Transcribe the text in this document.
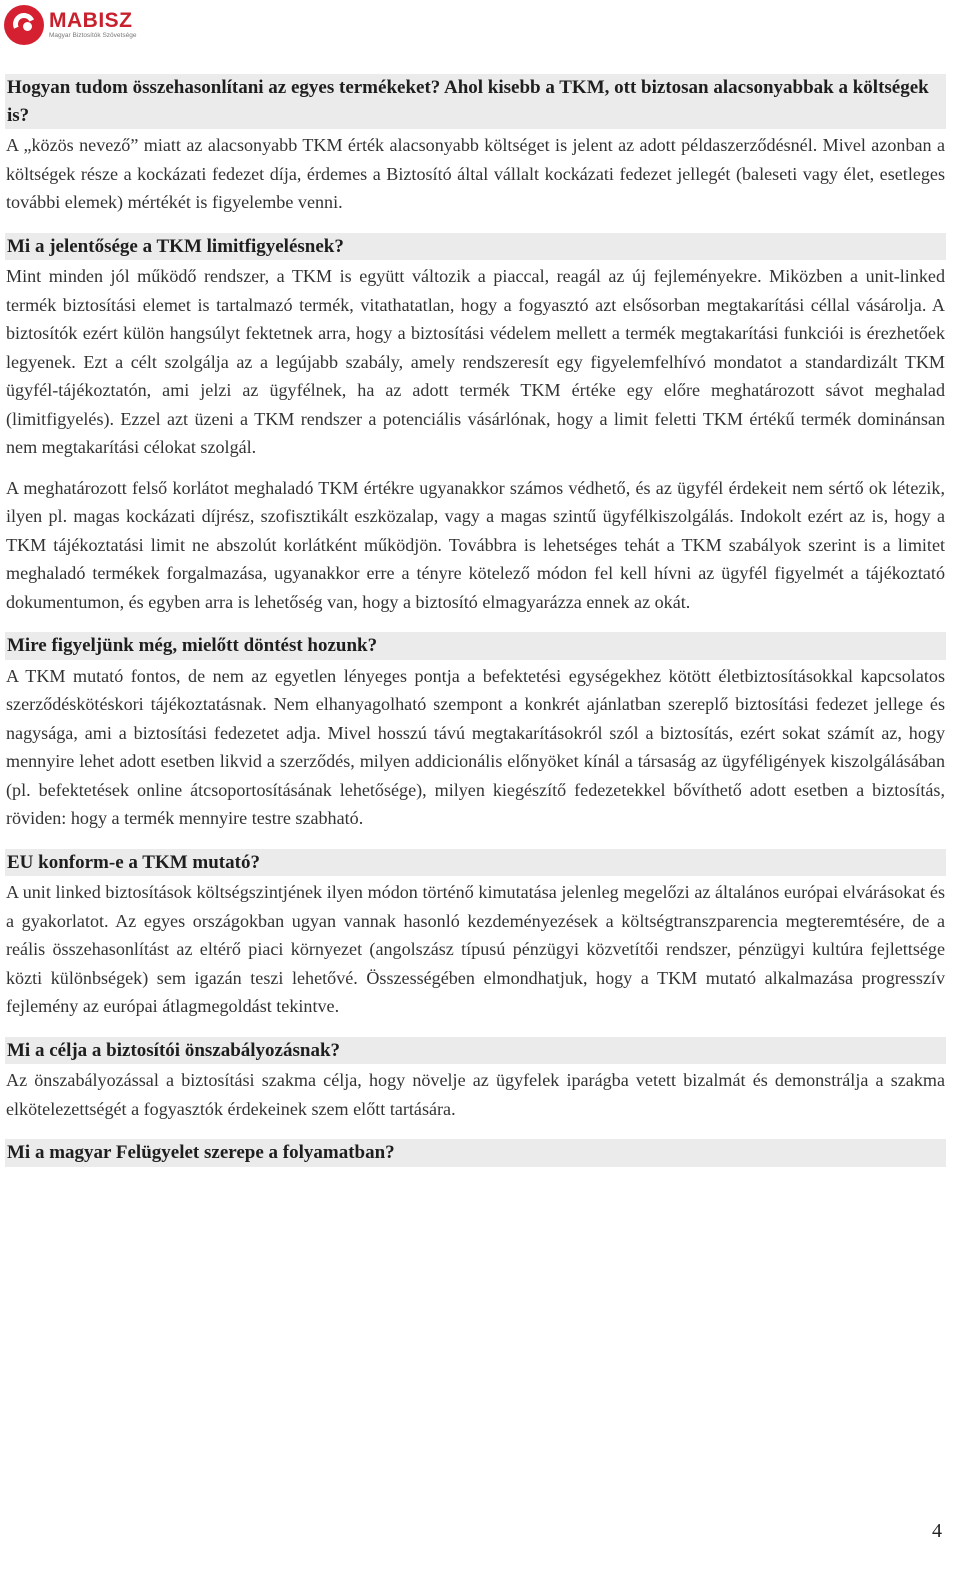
MABISZ
Magyar Biztosítók Szövetsége
Hogyan tudom összehasonlítani az egyes termékeket? Ahol kisebb a TKM, ott biztosan alacsonyabbak a költségek is?

A „közös nevező” miatt az alacsonyabb TKM érték alacsonyabb költséget is jelent az adott példaszerződésnél. Mivel azonban a költségek része a kockázati fedezet díja, érdemes a Biztosító által vállalt kockázati fedezet jellegét (baleseti vagy élet, esetleges további elemek) mértékét is figyelembe venni.

Mi a jelentősége a TKM limitfigyelésnek?

Mint minden jól működő rendszer, a TKM is együtt változik a piaccal, reagál az új fejleményekre. Miközben a unit-linked termék biztosítási elemet is tartalmazó termék, vitathatatlan, hogy a fogyasztó azt elsősorban megtakarítási céllal vásárolja. A biztosítók ezért külön hangsúlyt fektetnek arra, hogy a biztosítási védelem mellett a termék megtakarítási funkciói is érezhetőek legyenek. Ezt a célt szolgálja az a legújabb szabály, amely rendszeresít egy figyelemfelhívó mondatot a standardizált TKM ügyfél-tájékoztatón, ami jelzi az ügyfélnek, ha az adott termék TKM értéke egy előre meghatározott sávot meghalad (limitfigyelés). Ezzel azt üzeni a TKM rendszer a potenciális vásárlónak, hogy a limit feletti TKM értékű termék dominánsan nem megtakarítási célokat szolgál.

A meghatározott felső korlátot meghaladó TKM értékre ugyanakkor számos védhető, és az ügyfél érdekeit nem sértő ok létezik, ilyen pl. magas kockázati díjrész, szofisztikált eszközalap, vagy a magas szintű ügyfélkiszolgálás. Indokolt ezért az is, hogy a TKM tájékoztatási limit ne abszolút korlátként működjön. Továbbra is lehetséges tehát a TKM szabályok szerint is a limitet meghaladó termékek forgalmazása, ugyanakkor erre a tényre kötelező módon fel kell hívni az ügyfél figyelmét a tájékoztató dokumentumon, és egyben arra is lehetőség van, hogy a biztosító elmagyarázza ennek az okát.

Mire figyeljünk még, mielőtt döntést hozunk?

A TKM mutató fontos, de nem az egyetlen lényeges pontja a befektetési egységekhez kötött életbiztosításokkal kapcsolatos szerződéskötéskori tájékoztatásnak. Nem elhanyagolható szempont a konkrét ajánlatban szereplő biztosítási fedezet jellege és nagysága, ami a biztosítási fedezetet adja. Mivel hosszú távú megtakarításokról szól a biztosítás, ezért sokat számít az, hogy mennyire lehet adott esetben likvid a szerződés, milyen addicionális előnyöket kínál a társaság az ügyféligények kiszolgálásában (pl. befektetések online átcsoportosításának lehetősége), milyen kiegészítő fedezetekkel bővíthető adott esetben a biztosítás, röviden: hogy a termék mennyire testre szabható.

EU konform-e a TKM mutató?

A unit linked biztosítások költségszintjének ilyen módon történő kimutatása jelenleg megelőzi az általános európai elvárásokat és a gyakorlatot. Az egyes országokban ugyan vannak hasonló kezdeményezések a költségtranszparencia megteremtésére, de a reális összehasonlítást az eltérő piaci környezet (angolszász típusú pénzügyi közvetítői rendszer, pénzügyi kultúra fejlettsége közti különbségek) sem igazán teszi lehetővé. Összességében elmondhatjuk, hogy a TKM mutató alkalmazása progresszív fejlemény az európai átlagmegoldást tekintve.

Mi a célja a biztosítói önszabályozásnak?

Az önszabályozással a biztosítási szakma célja, hogy növelje az ügyfelek iparágba vetett bizalmát és demonstrálja a szakma elkötelezettségét a fogyasztók érdekeinek szem előtt tartására.

Mi a magyar Felügyelet szerepe a folyamatban?
4
